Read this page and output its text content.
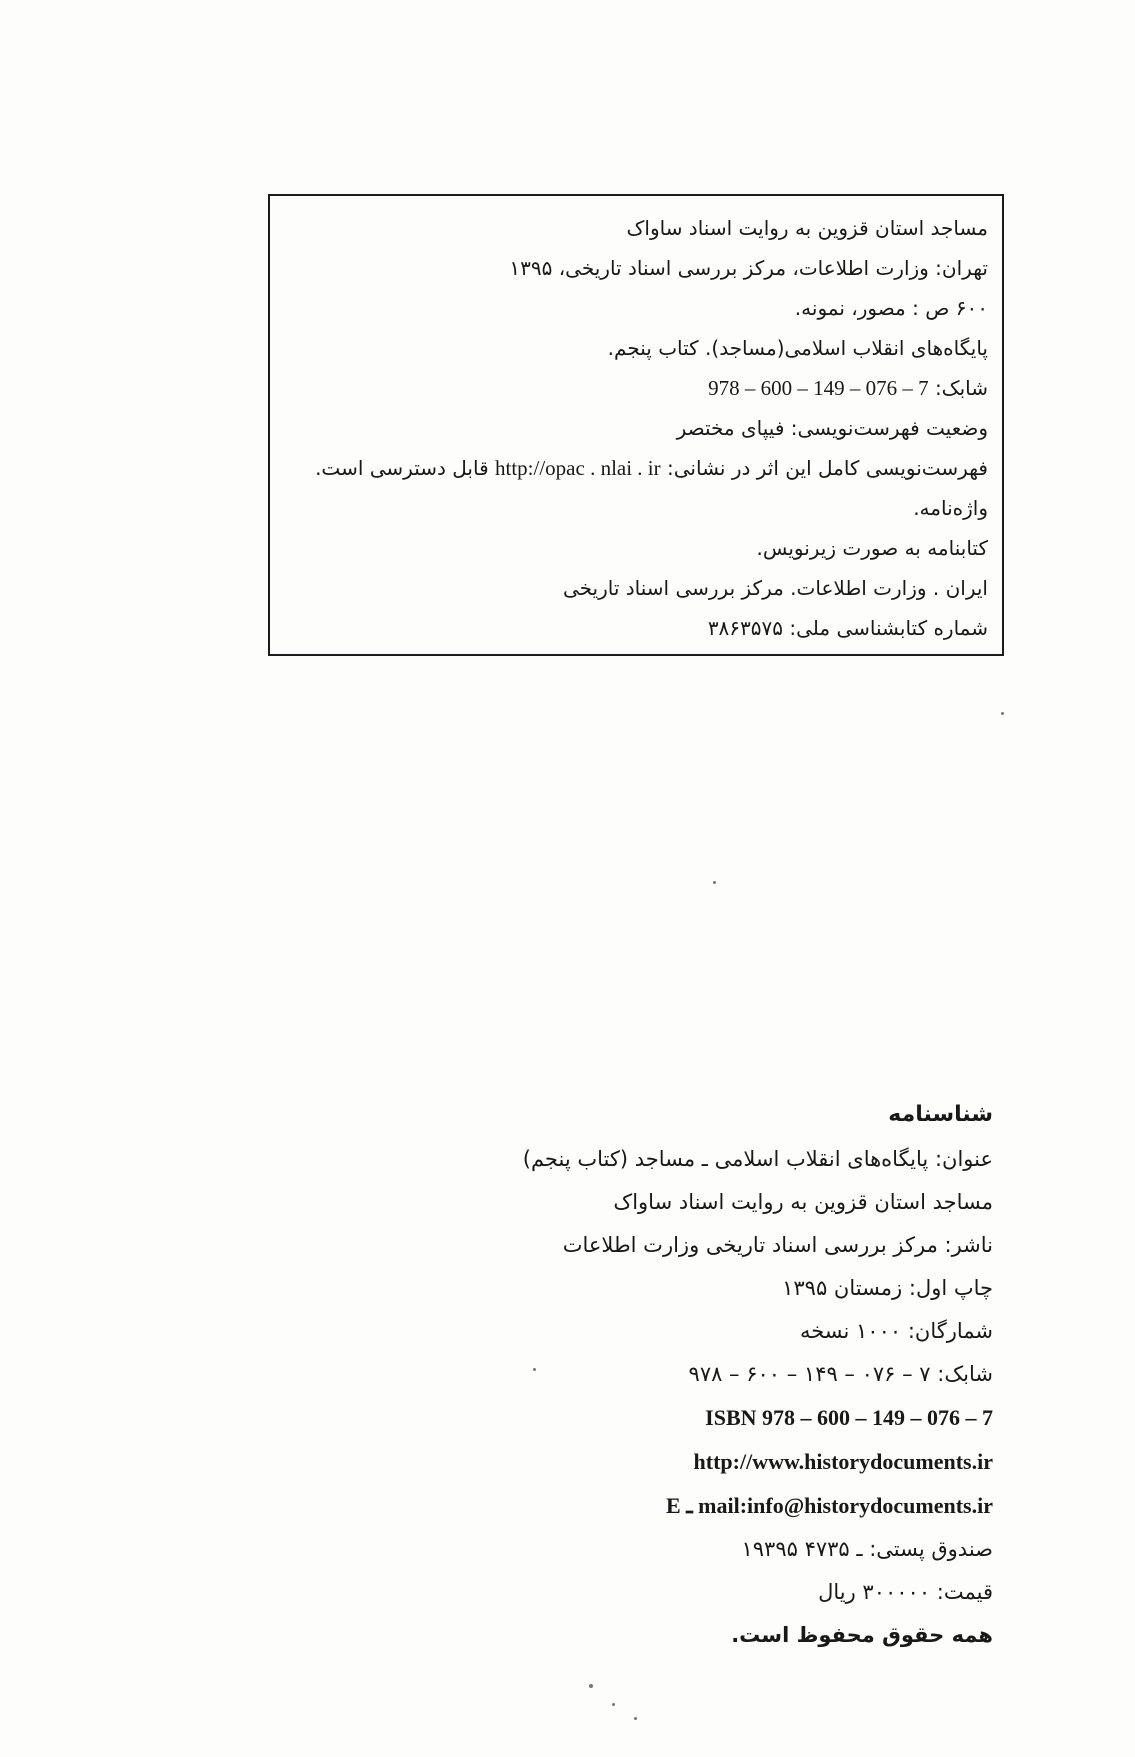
مساجد استان قزوین به روایت اسناد ساواک
تهران: وزارت اطلاعات، مرکز بررسی اسناد تاریخی، ۱۳۹۵
۶۰۰ ص : مصور، نمونه.
پایگاه‌های انقلاب اسلامی(مساجد). کتاب پنجم.
شابک: 978 – 600 – 149 – 076 – 7
وضعیت فهرست‌نویسی: فیپای مختصر
فهرست‌نویسی کامل این اثر در نشانی: http://opac . nlai . ir قابل دسترسی است.
واژه‌نامه.
کتابنامه به صورت زیرنویس.
ایران . وزارت اطلاعات. مرکز بررسی اسناد تاریخی
شماره کتابشناسی ملی: ۳۸۶۳۵۷۵
شناسنامه
عنوان: پایگاه‌های انقلاب اسلامی ـ مساجد (کتاب پنجم)
مساجد استان قزوین به روایت اسناد ساواک
ناشر: مرکز بررسی اسناد تاریخی وزارت اطلاعات
چاپ اول: زمستان ۱۳۹۵
شمارگان: ۱۰۰۰ نسخه
شابک: ۹۷۸ – ۶۰۰ – ۱۴۹ – ۰۷۶ – ۷
ISBN 978 – 600 – 149 – 076 – 7
http://www.historydocuments.ir
E ـ mail:info@historydocuments.ir
صندوق پستی: ۱۹۳۹۵ ـ ۴۷۳۵
قیمت: ۳۰۰۰۰۰ ریال
همه حقوق محفوظ است.
